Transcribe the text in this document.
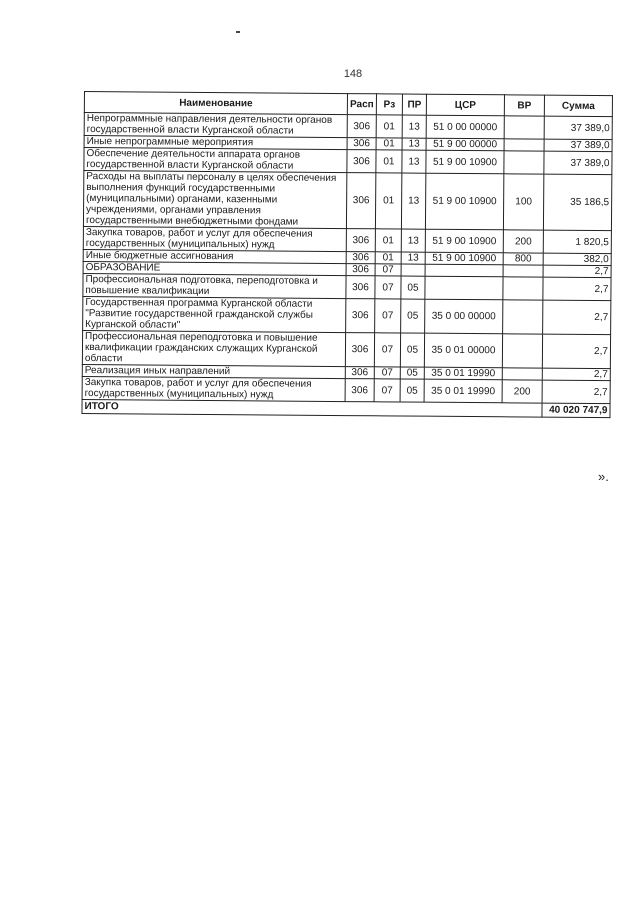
148
Наименование	Расп	Рз	ПР	ЦСР	ВР	Сумма
Непрограммные направления деятельности органов государственной власти Курганской области	306	01	13	51 0 00 00000		37 389,0
Иные непрограммные мероприятия	306	01	13	51 9 00 00000		37 389,0
Обеспечение деятельности аппарата органов государственной власти Курганской области	306	01	13	51 9 00 10900		37 389,0
Расходы на выплаты персоналу в целях обеспечения выполнения функций государственными (муниципальными) органами, казенными учреждениями, органами управления государственными внебюджетными фондами	306	01	13	51 9 00 10900	100	35 186,5
Закупка товаров, работ и услуг для обеспечения государственных (муниципальных) нужд	306	01	13	51 9 00 10900	200	1 820,5
Иные бюджетные ассигнования	306	01	13	51 9 00 10900	800	382,0
ОБРАЗОВАНИЕ	306	07				2,7
Профессиональная подготовка, переподготовка и повышение квалификации	306	07	05			2,7
Государственная программа Курганской области "Развитие государственной гражданской службы Курганской области"	306	07	05	35 0 00 00000		2,7
Профессиональная переподготовка и повышение квалификации гражданских служащих Курганской области	306	07	05	35 0 01 00000		2,7
Реализация иных направлений	306	07	05	35 0 01 19990		2,7
Закупка товаров, работ и услуг для обеспечения государственных (муниципальных) нужд	306	07	05	35 0 01 19990	200	2,7
ИТОГО						40 020 747,9
».
